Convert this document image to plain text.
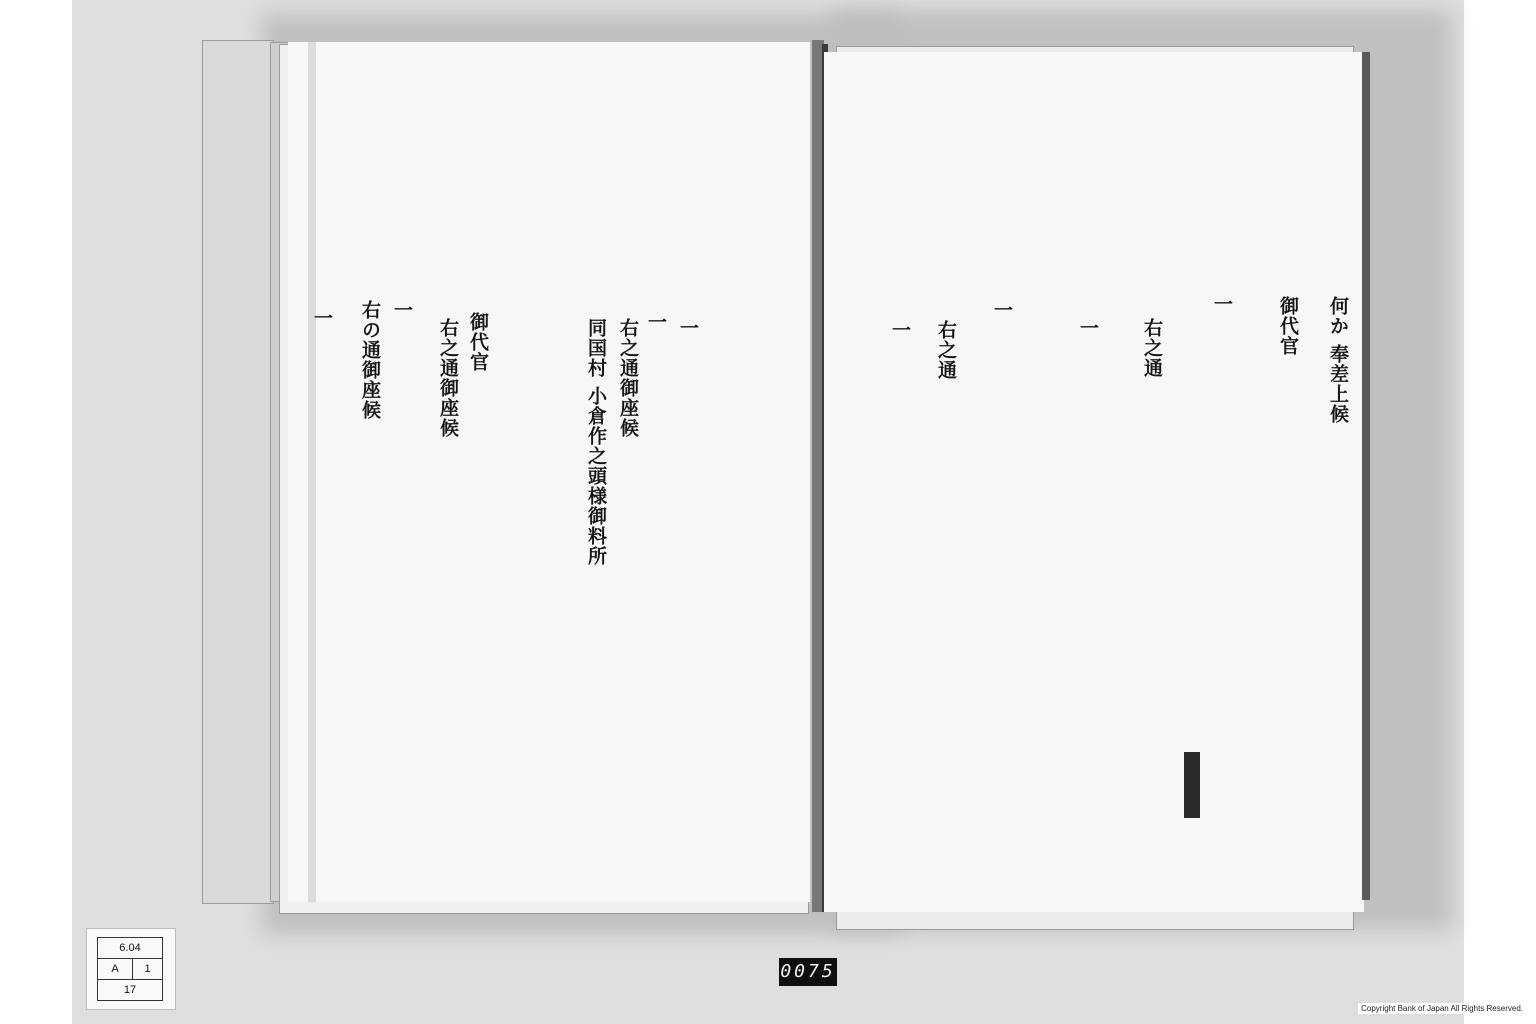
一
一
右之通御座候
同国村 小倉作之頭様御料所
御代官
右之通御座候
一
右の通御座候
一	何か 奉差上候
御代官
一
右之通
一
一
右之通
一
6.04
A	1
17
0075
Copyright Bank of Japan All Rights Reserved.
